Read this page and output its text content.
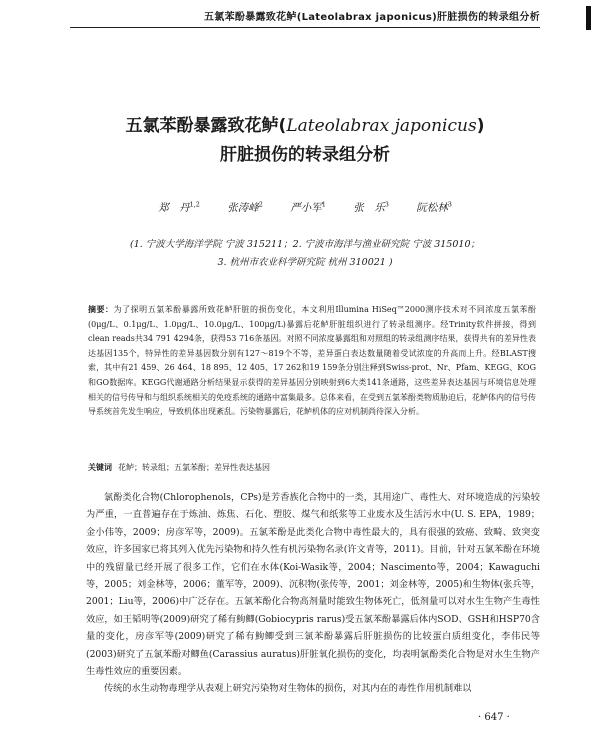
五氯苯酚暴露致花鲈(Lateolabrax japonicus)肝脏损伤的转录组分析
五氯苯酚暴露致花鲈(Lateolabrax japonicus)
肝脏损伤的转录组分析
郑　丹$^{1,2}$	张涛峰$^2$	严小军$^1$	张　乐$^3$	阮松林$^3$
(1. 宁波大学海洋学院 宁波 315211；2. 宁波市海洋与渔业研究院 宁波 315010；
3. 杭州市农业科学研究院 杭州 310021 )
摘要：为了探明五氯苯酚暴露所致花鲈肝脏的损伤变化，本文利用Illumina HiSeq™2000测序技术对不同浓度五氯苯酚(0μg/L、0.1μg/L、1.0μg/L、10.0μg/L、100μg/L)暴露后花鲈肝脏组织进行了转录组测序。经Trinity软件拼接，得到clean reads共34 791 4294条，获得53 716条基因。对照不同浓度暴露组和对照组的转录组测序结果，获得共有的差异性表达基因135个，特异性的差异基因数分别有127～819个不等，差异蛋白表达数量随着受试浓度的升高而上升。经BLAST搜索，其中有21 459、26 464、18 895、12 405、17 262和19 159条分别注释到Swiss-prot、Nr、Pfam、KEGG、KOG和GO数据库。KEGG代谢通路分析结果显示获得的差异基因分别映射到6大类141条通路，这些差异表达基因与环境信息处理相关的信号传导和与组织系统相关的免疫系统的通路中富集最多。总体来看，在受到五氯苯酚类物质胁迫后，花鲈体内的信号传导系统首先发生响应，导致机体出现紊乱。污染物暴露后，花鲈机体的应对机制尚待深入分析。
关键词 花鲈；转录组；五氯苯酚；差异性表达基因

氯酚类化合物(Chlorophenols，CPs)是芳香族化合物中的一类，其用途广、毒性大、对环境造成的污染较为严重，一直普遍存在于炼油、炼焦、石化、塑胶、煤气和纸浆等工业废水及生活污水中(U. S. EPA，1989；金小伟等，2009；房彦军等，2009)。五氯苯酚是此类化合物中毒性最大的，具有很强的致癌、致畸、致突变效应，许多国家已将其列入优先污染物和持久性有机污染物名录(许文青等，2011)。目前，针对五氯苯酚在环境中的残留量已经开展了很多工作，它们在水体(Koi-Wasik等，2004；Nascimento等，2004；Kawaguchi等，2005；刘金林等，2006；董军等，2009)、沉积物(张传等，2001；刘金林等，2005)和生物体(张兵等，2001；Liu等，2006)中广泛存在。五氯苯酚化合物高剂量时能致生物体死亡，低剂量可以对水生生物产生毒性效应，如王韬明等(2009)研究了稀有鮈鲫(Gobiocypris rarus)受五氯苯酚暴露后体内SOD、GSH和HSP70含量的变化，房彦军等(2009)研究了稀有鮈鲫受到三氯苯酚暴露后肝脏损伤的比较蛋白质组变化，李伟民等(2003)研究了五氯苯酚对鲫鱼(Carassius auratus)肝脏氧化损伤的变化，均表明氯酚类化合物是对水生生物产生毒性效应的重要因素。

传统的水生动物毒理学从表观上研究污染物对生物体的损伤，对其内在的毒性作用机制难以

· 647 ·
